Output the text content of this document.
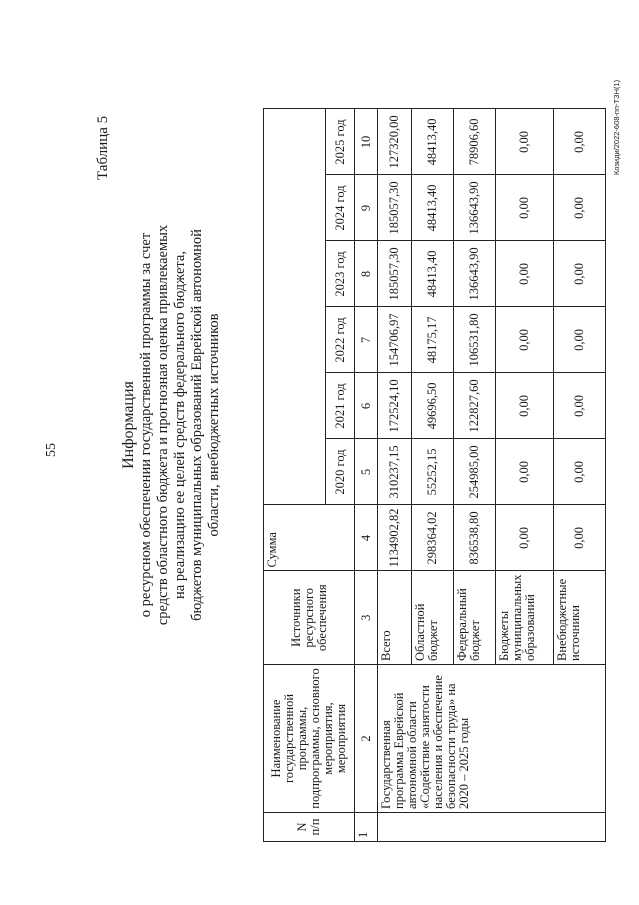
55
Таблица 5
Информация о ресурсном обеспечении государственной программы за счет средств областного бюджета и прогнозная оценка привлекаемых на реализацию ее целей средств федерального бюджета, бюджетов муниципальных образований Еврейской автономной области, внебюджетных источников
N п/п	Наименование государственной программы, подпрограммы, основного мероприятия, мероприятия	Источники ресурсного обеспечения	Сумма						
				2020 год	2021 год	2022 год	2023 год	2024 год	2025 год
1	2	3	4	5	6	7	8	9	10
	Государственная программа Еврейской автономной области «Содействие занятости населения и обеспечение безопасности труда» на 2020 – 2025 годы	Всего	1134902,82	310237,15	172524,10	154706,97	185057,30	185057,30	127320,00
		Областной бюджет	298364,02	55252,15	49696,50	48175,17	48413,40	48413,40	48413,40
		Федеральный бюджет	836538,80	254985,00	122827,60	106531,80	136643,90	136643,90	78906,60
		Бюджеты муниципальных образований	0,00	0,00	0,00	0,00	0,00	0,00	0,00
		Внебюджетные источники	0,00	0,00	0,00	0,00	0,00	0,00	0,00	Козиди/2022-608-пп-ТЗН(1)
